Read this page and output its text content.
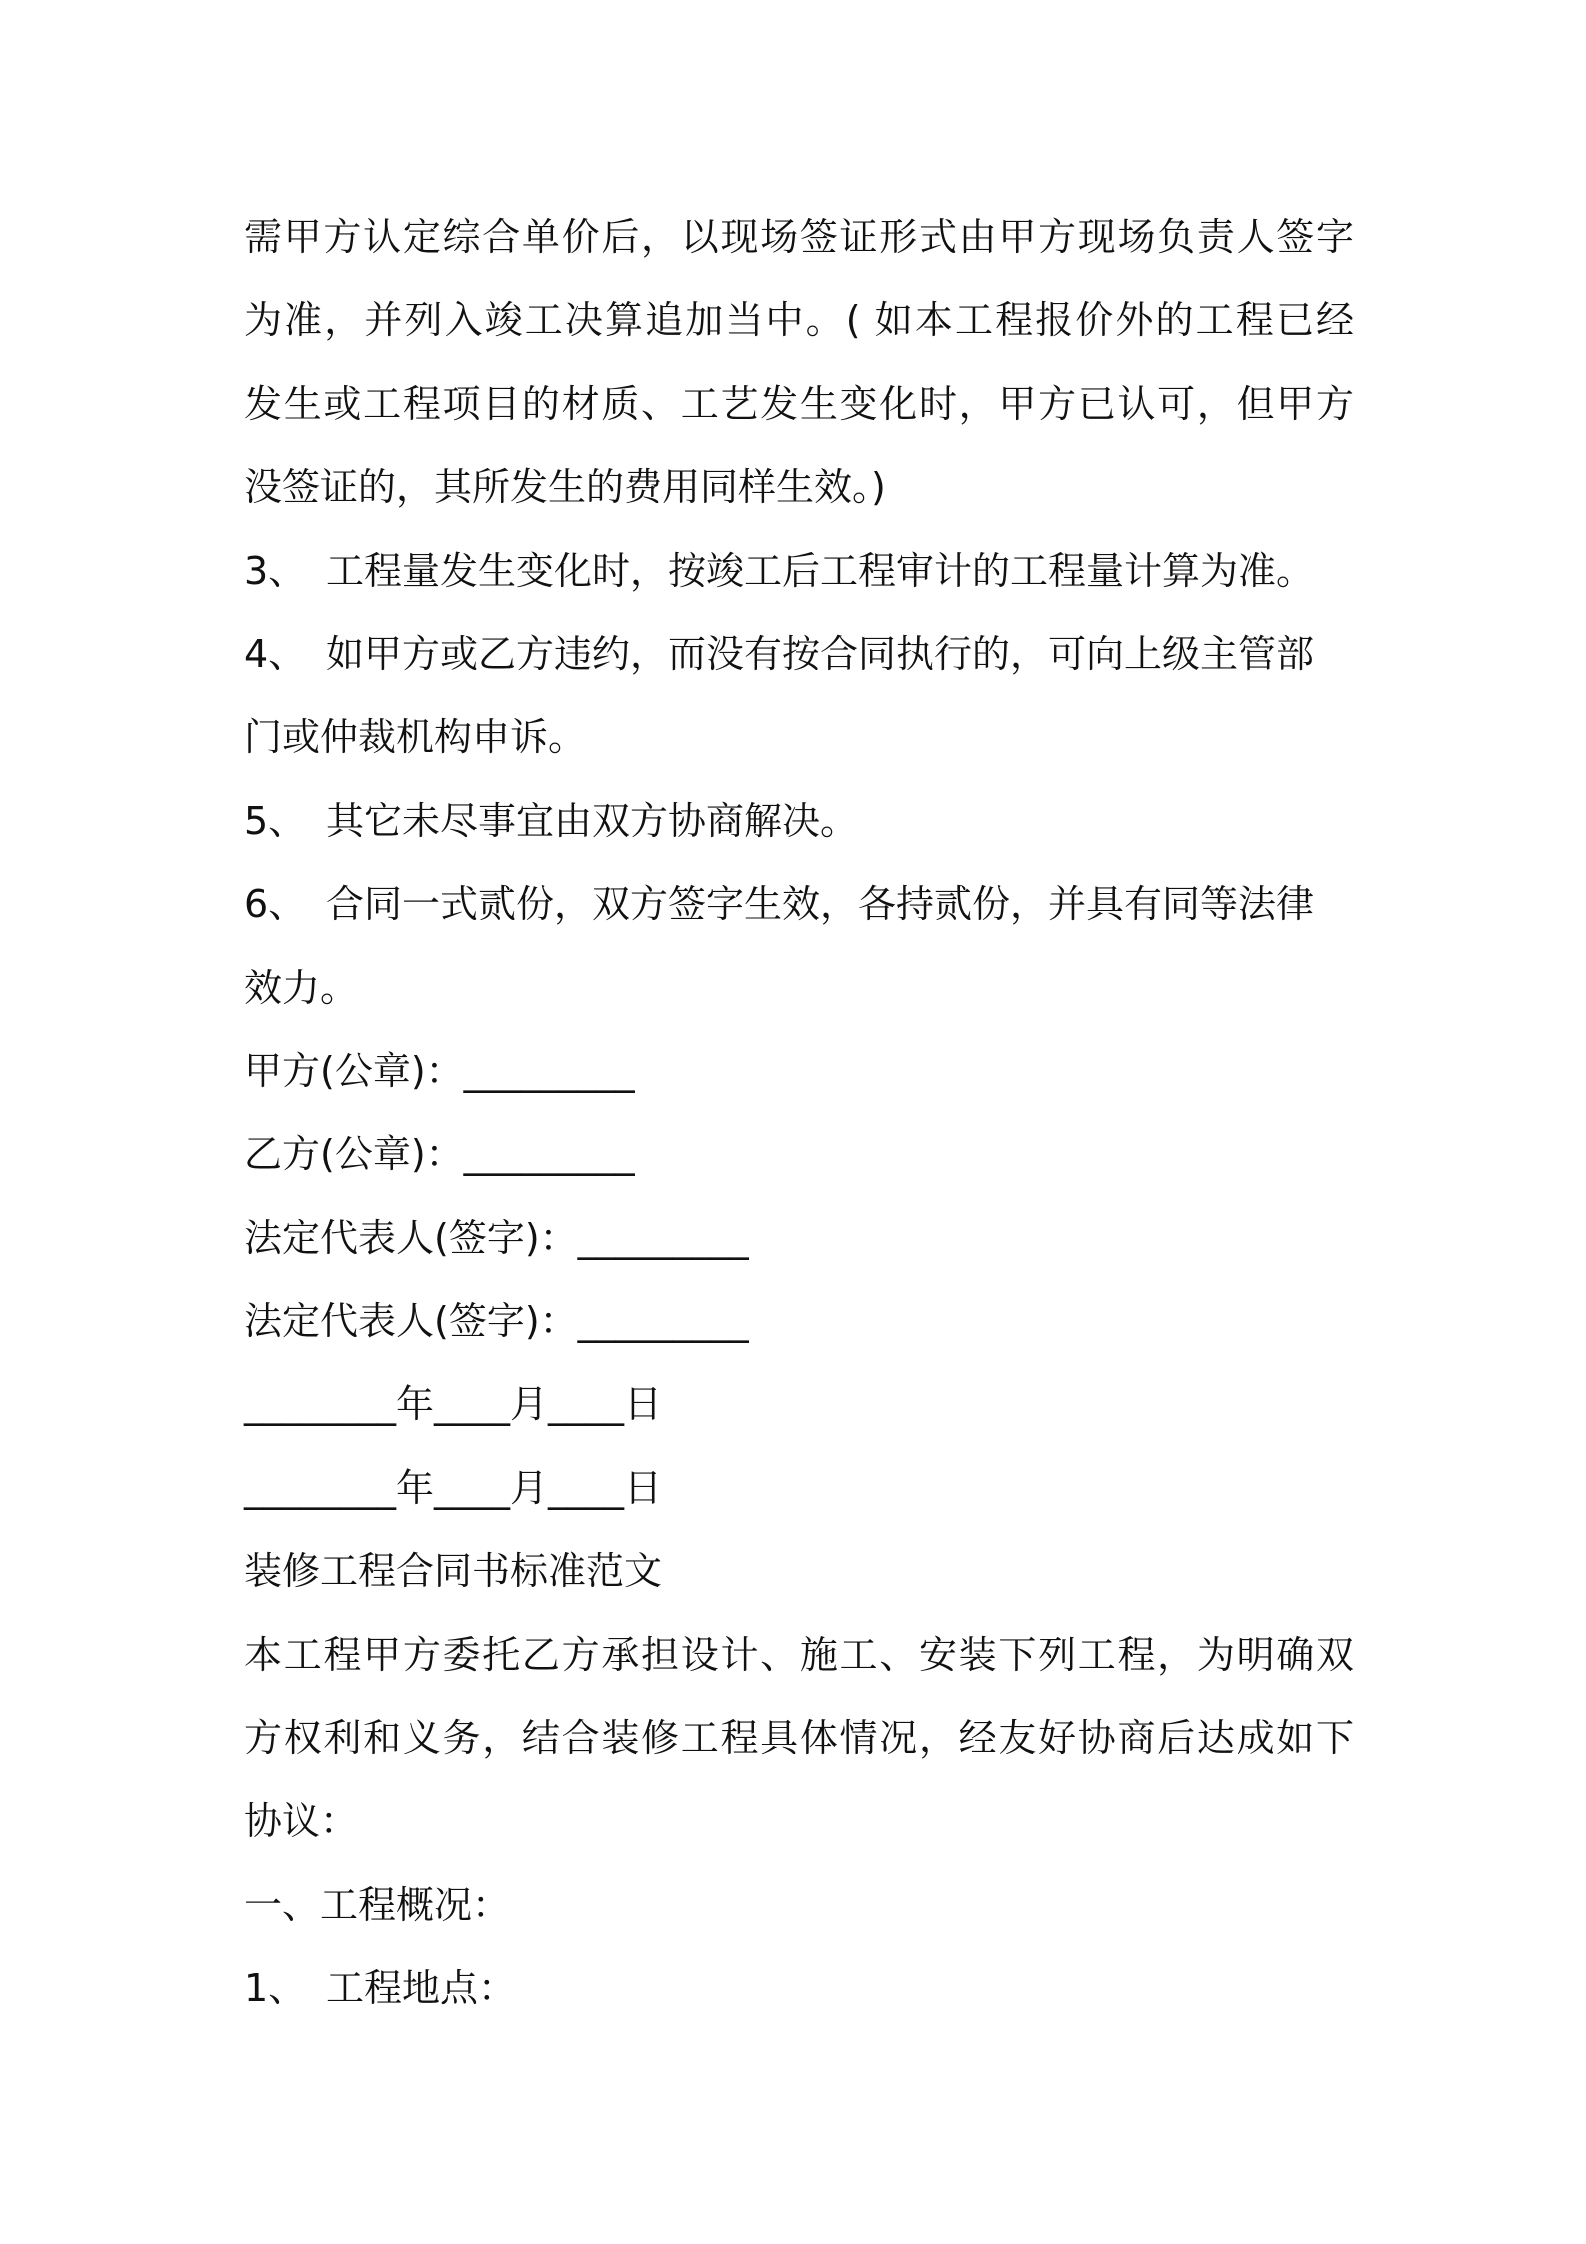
需甲方认定综合单价后，以现场签证形式由甲方现场负责人签字
为准，并列入竣工决算追加当中。( 如本工程报价外的工程已经
发生或工程项目的材质、工艺发生变化时，甲方已认可，但甲方
没签证的，其所发生的费用同样生效。)
3、 工程量发生变化时，按竣工后工程审计的工程量计算为准。
4、 如甲方或乙方违约，而没有按合同执行的，可向上级主管部
门或仲裁机构申诉。
5、 其它未尽事宜由双方协商解决。
6、 合同一式贰份，双方签字生效，各持贰份，并具有同等法律
效力。
甲方(公章)：_________
乙方(公章)：_________
法定代表人(签字)：_________
法定代表人(签字)：_________
________年____月____日
________年____月____日
装修工程合同书标准范文
本工程甲方委托乙方承担设计、施工、安装下列工程，为明确双
方权利和义务，结合装修工程具体情况，经友好协商后达成如下
协议：
一、工程概况：
1、 工程地点：
